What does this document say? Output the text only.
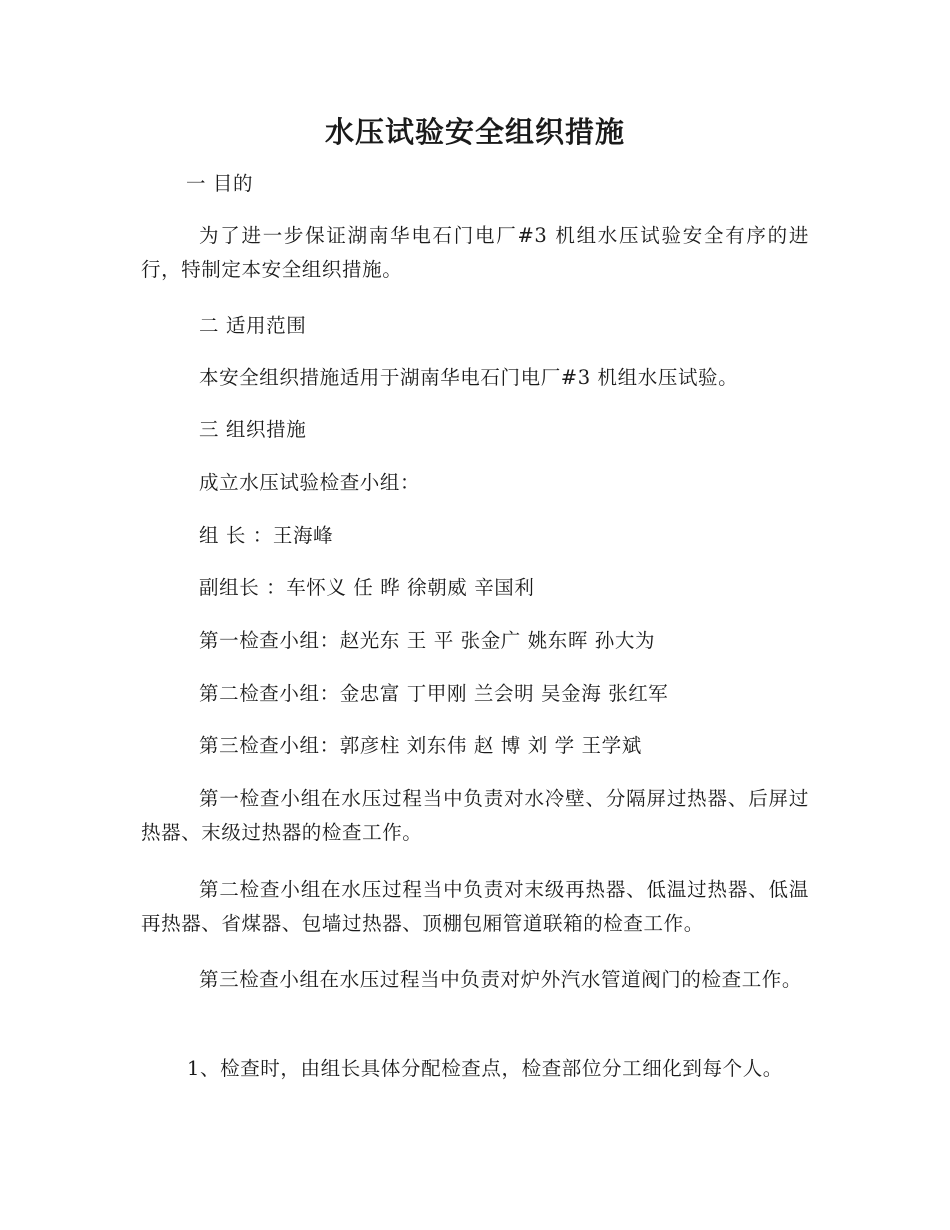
水压试验安全组织措施
一 目的
为了进一步保证湖南华电石门电厂#3 机组水压试验安全有序的进行，特制定本安全组织措施。
二 适用范围
本安全组织措施适用于湖南华电石门电厂#3 机组水压试验。
三 组织措施
成立水压试验检查小组：
组 长 ：王海峰
副组长 ：车怀义 任 晔 徐朝威 辛国利
第一检查小组：赵光东 王 平 张金广 姚东晖 孙大为
第二检查小组：金忠富 丁甲刚 兰会明 吴金海 张红军
第三检查小组：郭彦柱 刘东伟 赵 博 刘 学 王学斌
第一检查小组在水压过程当中负责对水冷壁、分隔屏过热器、后屏过热器、末级过热器的检查工作。
第二检查小组在水压过程当中负责对末级再热器、低温过热器、低温再热器、省煤器、包墙过热器、顶棚包厢管道联箱的检查工作。
第三检查小组在水压过程当中负责对炉外汽水管道阀门的检查工作。
1、检查时，由组长具体分配检查点，检查部位分工细化到每个人。
